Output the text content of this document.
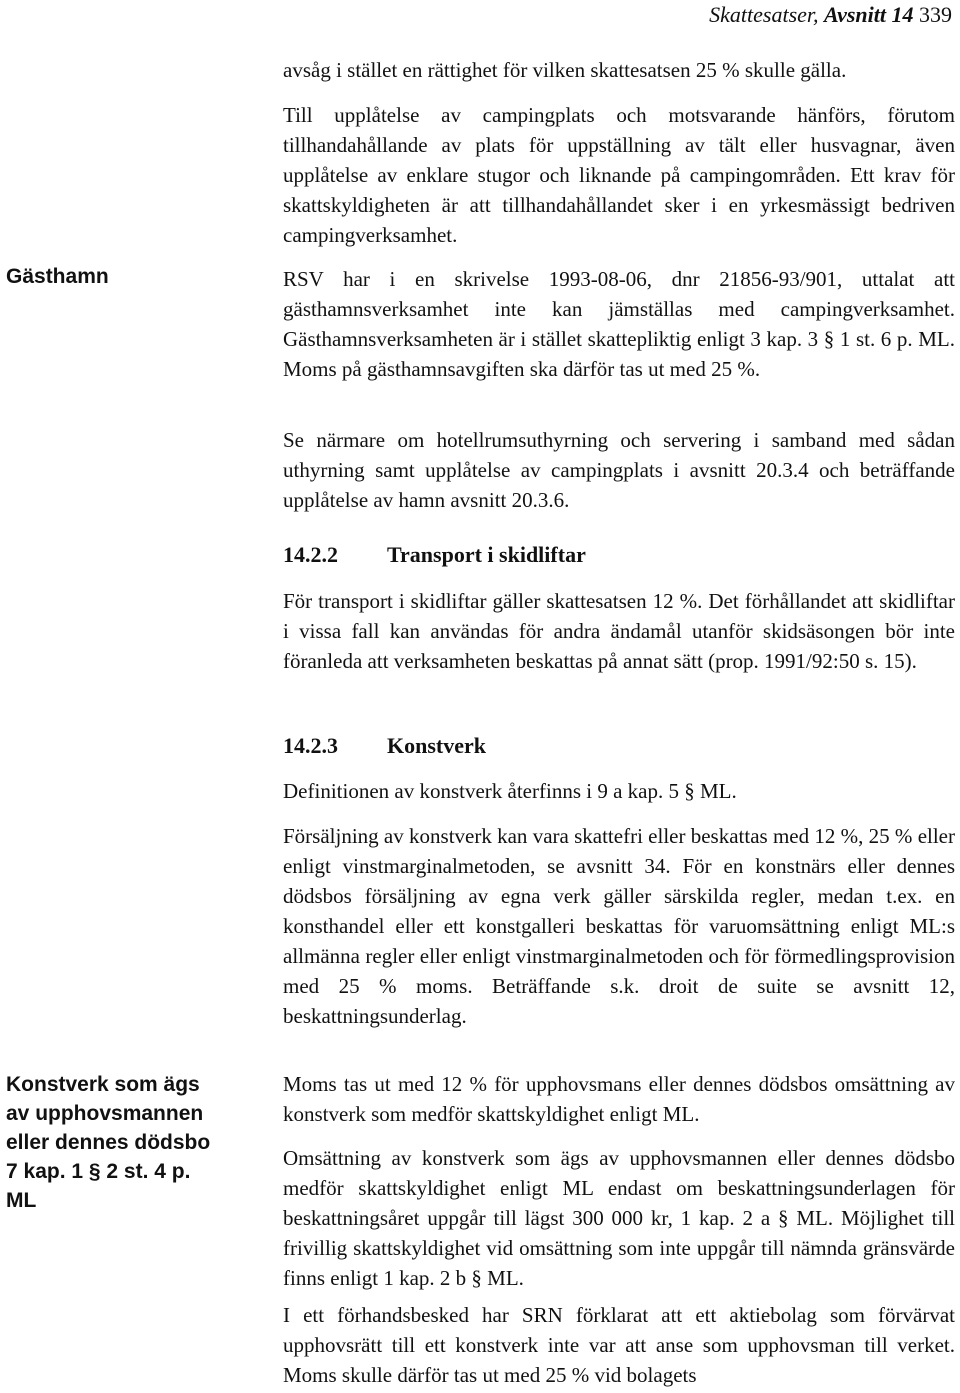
Skattesatser, Avsnitt 14 339
Gästhamn
Konstverk som ägs av upphovsmannen eller dennes dödsbo 7 kap. 1 § 2 st. 4 p. ML

avsåg i stället en rättighet för vilken skattesatsen 25 % skulle gälla.

Till upplåtelse av campingplats och motsvarande hänförs, förutom tillhandahållande av plats för uppställning av tält eller husvagnar, även upplåtelse av enklare stugor och liknande på campingområden. Ett krav för skattskyldigheten är att tillhandahållandet sker i en yrkesmässigt bedriven campingverksamhet.

RSV har i en skrivelse 1993-08-06, dnr 21856-93/901, uttalat att gästhamnsverksamhet inte kan jämställas med campingverksamhet. Gästhamnsverksamheten är i stället skattepliktig enligt 3 kap. 3 § 1 st. 6 p. ML. Moms på gästhamnsavgiften ska därför tas ut med 25 %.

Se närmare om hotellrumsuthyrning och servering i samband med sådan uthyrning samt upplåtelse av campingplats i avsnitt 20.3.4 och beträffande upplåtelse av hamn avsnitt 20.3.6.

14.2.2 Transport i skidliftar

För transport i skidliftar gäller skattesatsen 12 %. Det förhållandet att skidliftar i vissa fall kan användas för andra ändamål utanför skidsäsongen bör inte föranleda att verksamheten beskattas på annat sätt (prop. 1991/92:50 s. 15).

14.2.3 Konstverk

Definitionen av konstverk återfinns i 9 a kap. 5 § ML.

Försäljning av konstverk kan vara skattefri eller beskattas med 12 %, 25 % eller enligt vinstmarginalmetoden, se avsnitt 34. För en konstnärs eller dennes dödsbos försäljning av egna verk gäller särskilda regler, medan t.ex. en konsthandel eller ett konstgalleri beskattas för varuomsättning enligt ML:s allmänna regler eller enligt vinstmarginalmetoden och för förmedlingsprovision med 25 % moms. Beträffande s.k. droit de suite se avsnitt 12, beskattningsunderlag.

Moms tas ut med 12 % för upphovsmans eller dennes dödsbos omsättning av konstverk som medför skattskyldighet enligt ML.

Omsättning av konstverk som ägs av upphovsmannen eller dennes dödsbo medför skattskyldighet enligt ML endast om beskattningsunderlagen för beskattningsåret uppgår till lägst 300 000 kr, 1 kap. 2 a § ML. Möjlighet till frivillig skattskyldighet vid omsättning som inte uppgår till nämnda gränsvärde finns enligt 1 kap. 2 b § ML.

I ett förhandsbesked har SRN förklarat att ett aktiebolag som förvärvat upphovsrätt till ett konstverk inte var att anse som upphovsman till verket. Moms skulle därför tas ut med 25 % vid bolagets
